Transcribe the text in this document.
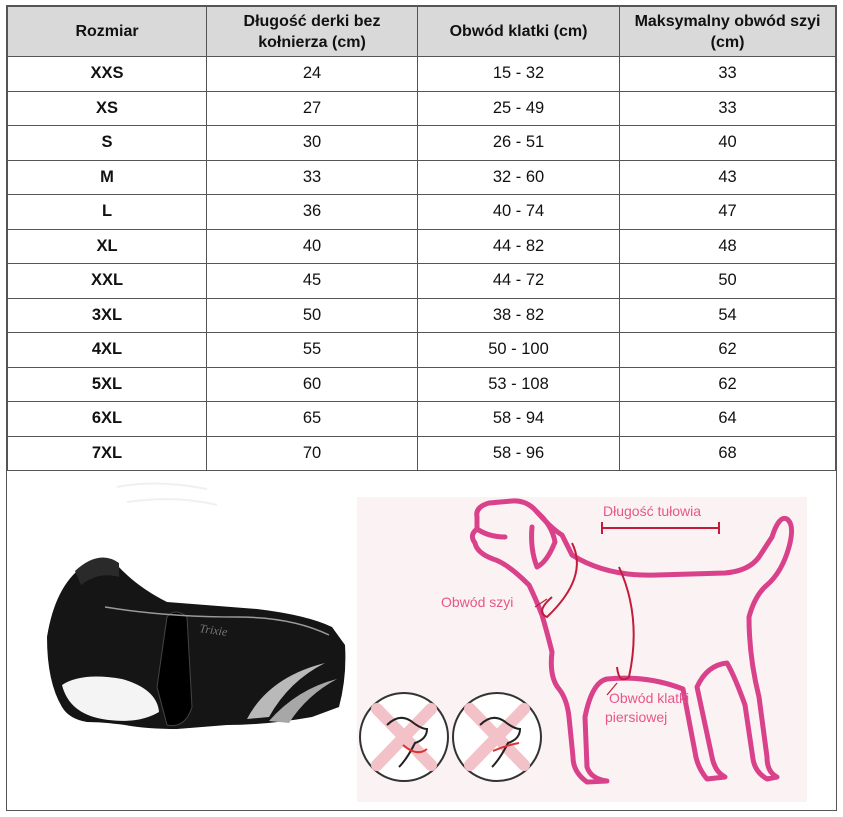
Rozmiar	Długość derki bez kołnierza (cm)	Obwód klatki (cm)	Maksymalny obwód szyi (cm)
XXS	24	15 - 32	33
XS	27	25 - 49	33
S	30	26 - 51	40
M	33	32 - 60	43
L	36	40 - 74	47
XL	40	44 - 82	48
XXL	45	44 - 72	50
3XL	50	38 - 82	54
4XL	55	50 - 100	62
5XL	60	53 - 108	62
6XL	65	58 - 94	64
7XL	70	58 - 96	68
Trixie
Długość tułowia
Obwód szyi
Obwód klatki
piersiowej
